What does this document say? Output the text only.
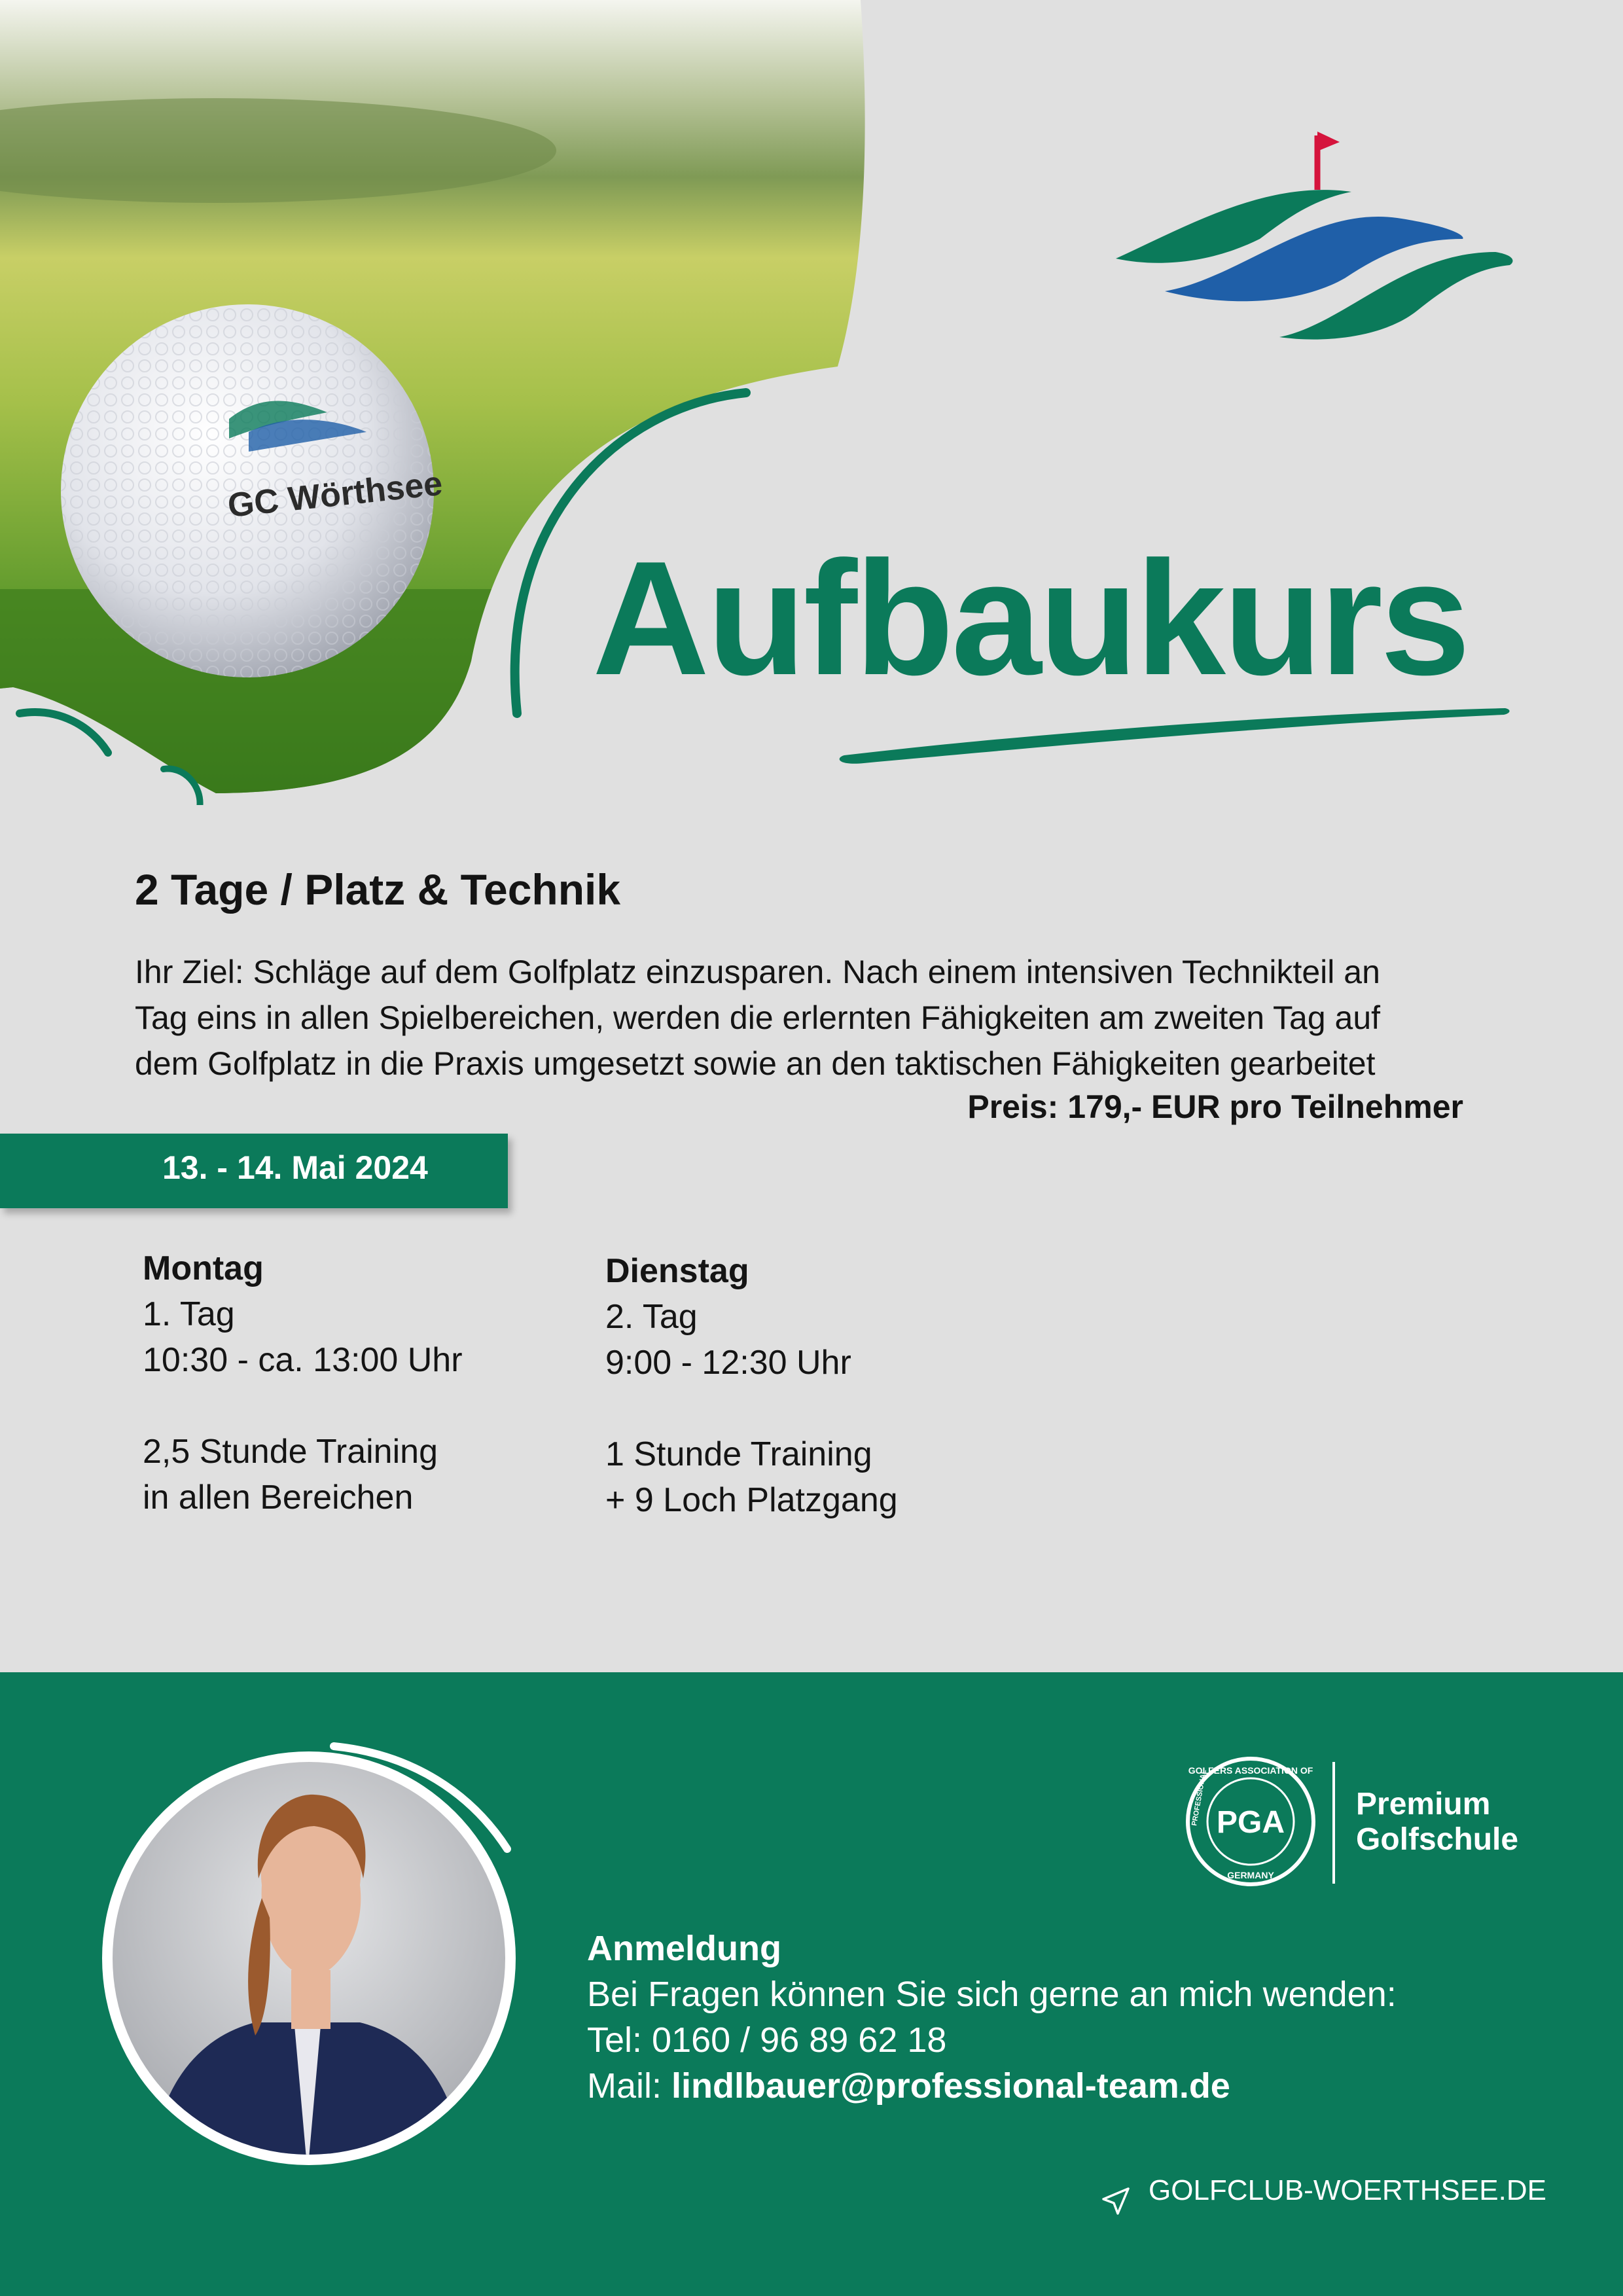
GC Wörthsee
Aufbaukurs
2 Tage / Platz & Technik

Ihr Ziel: Schläge auf dem Golfplatz einzusparen. Nach einem intensiven Technikteil an

Tag eins in allen Spielbereichen, werden die erlernten Fähigkeiten am zweiten Tag auf

dem Golfplatz in die Praxis umgesetzt sowie an den taktischen Fähigkeiten gearbeitet

Preis: 179,- EUR pro Teilnehmer
13. - 14. Mai 2024
Montag
1. Tag
10:30 - ca. 13:00 Uhr

2,5 Stunde Training
in allen Bereichen
Dienstag
2. Tag
9:00 - 12:30 Uhr

1 Stunde Training
+ 9 Loch Platzgang
GOLFERS ASSOCIATION OF
GERMANY
PROFESSIONAL PGA
Premium
Golfschule
Anmeldung
Bei Fragen können Sie sich gerne an mich wenden:
Tel: 0160 / 96 89 62 18
Mail: lindlbauer@professional-team.de
GOLFCLUB-WOERTHSEE.DE
